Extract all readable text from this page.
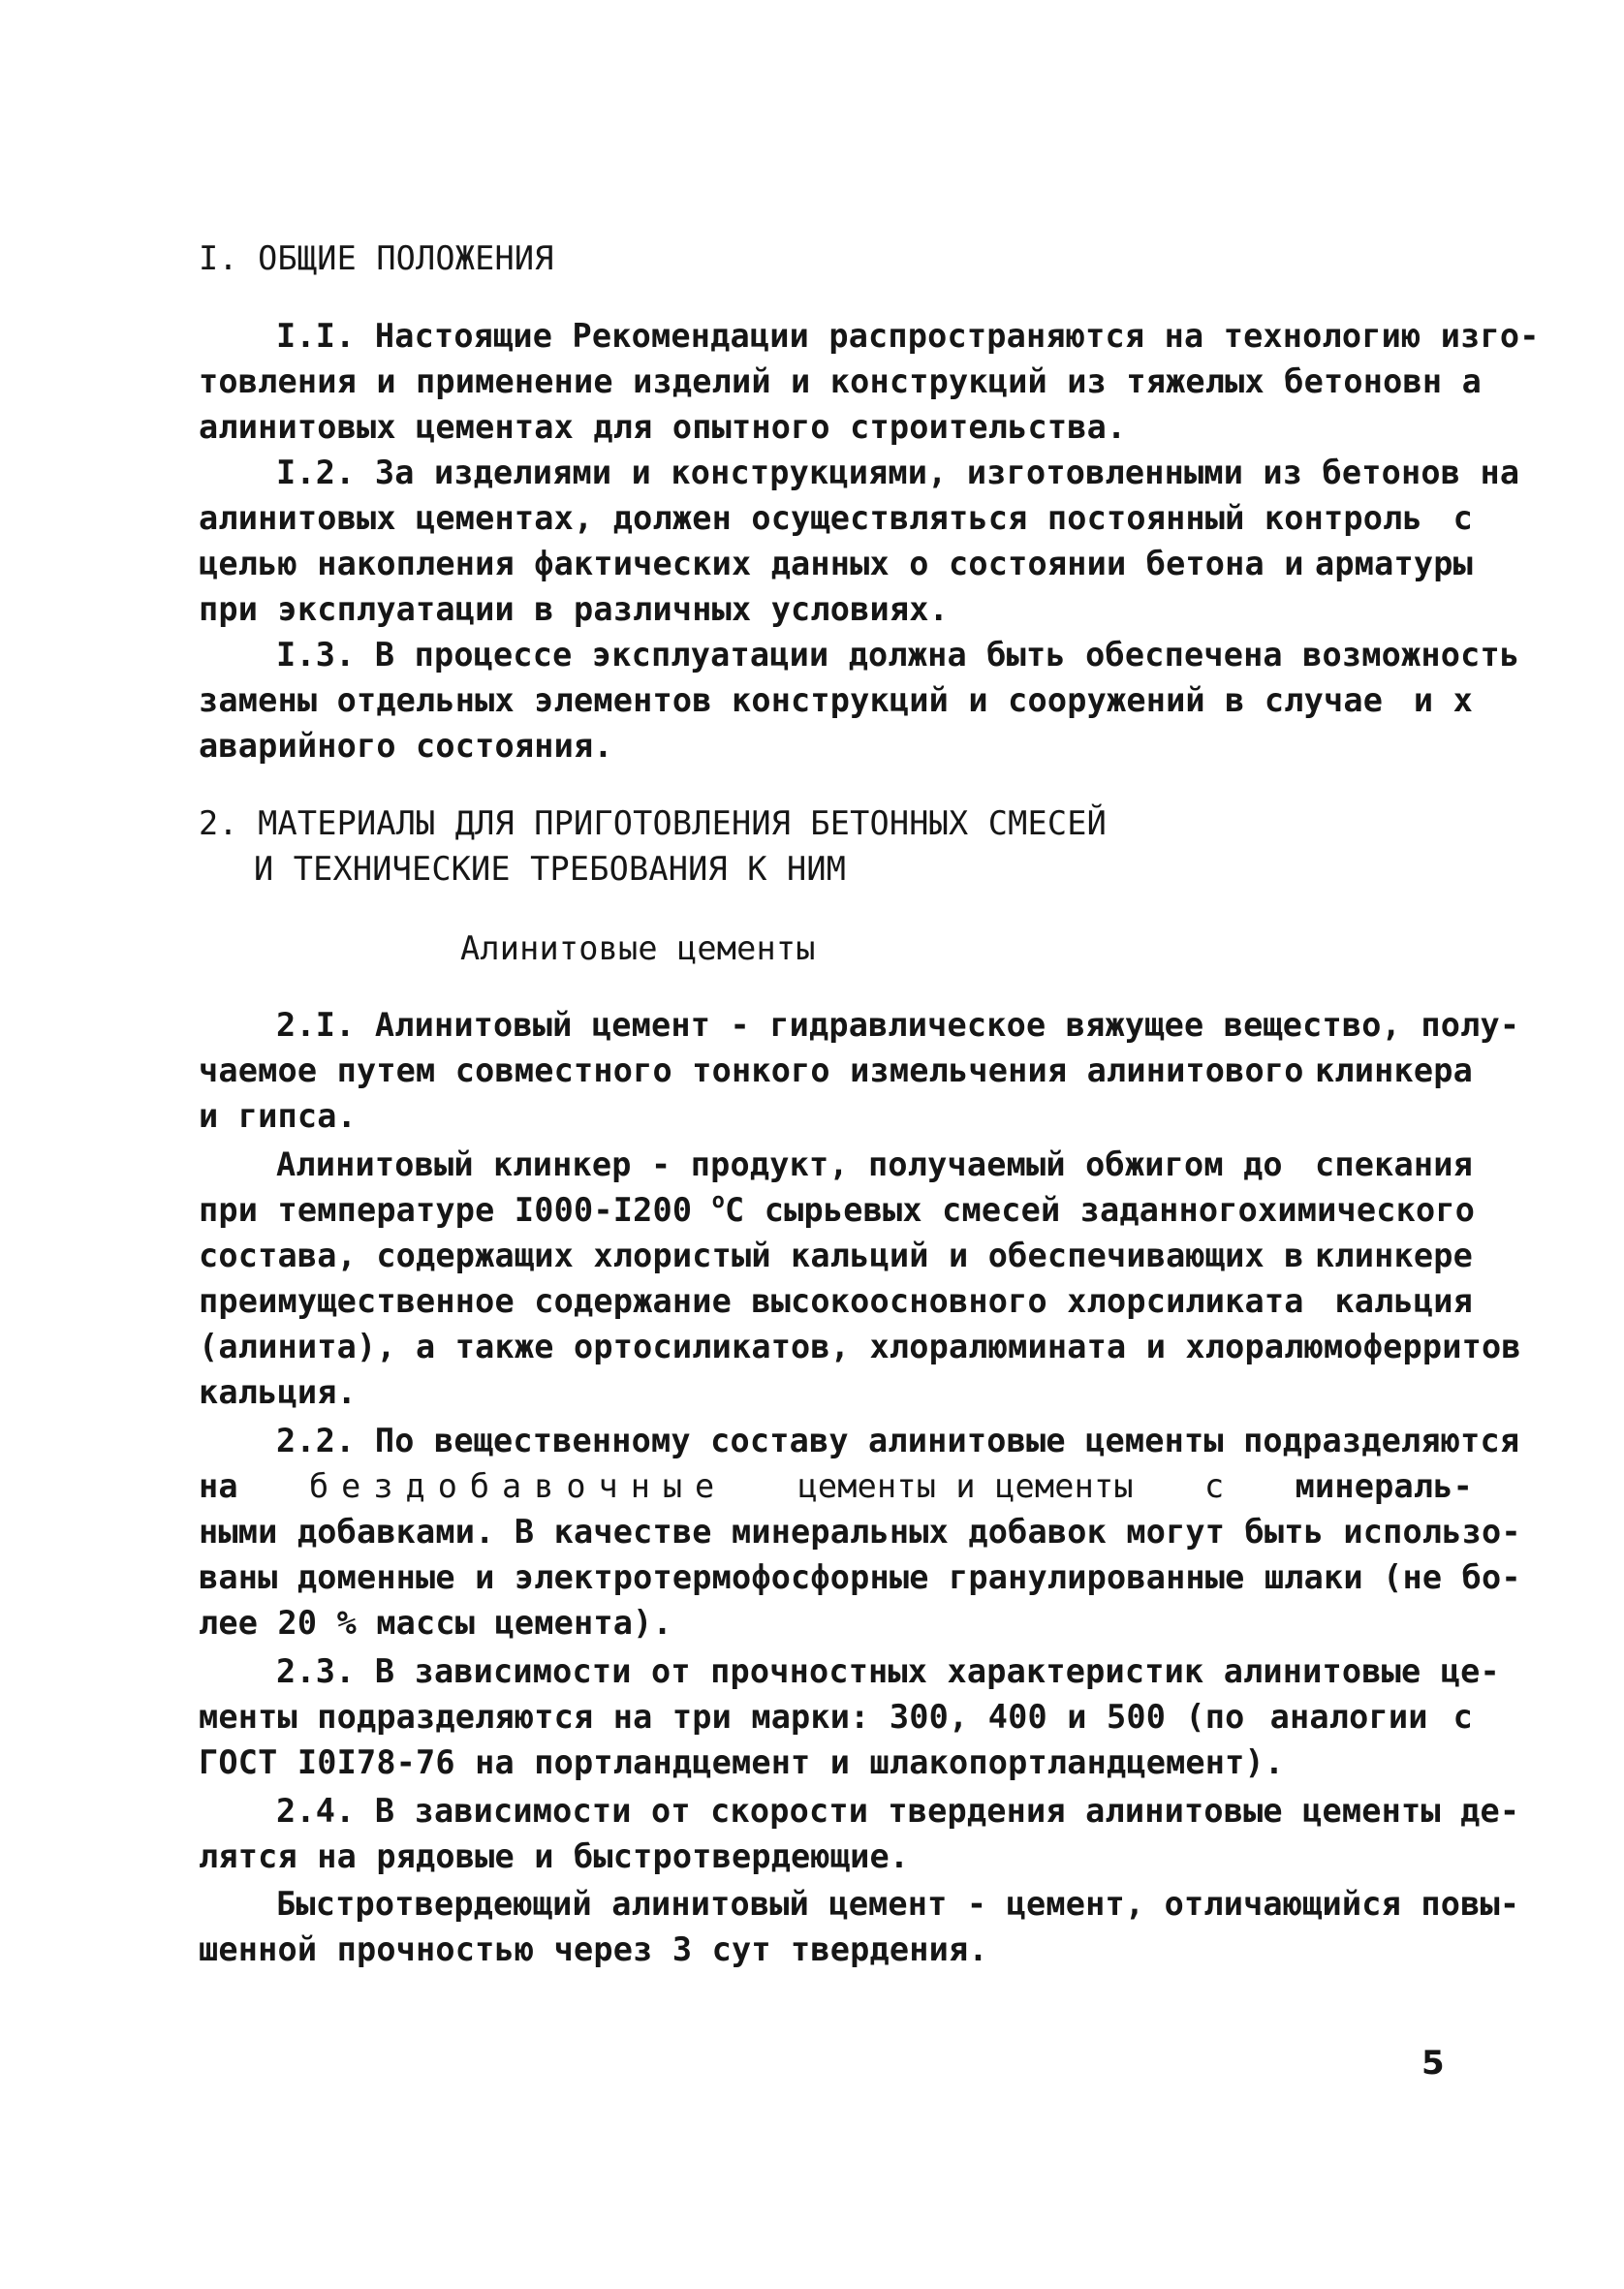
I. ОБЩИЕ ПОЛОЖЕНИЯ
I.I. Настоящие Рекомендации распространяются на технологию изго-
товления и применение изделий и конструкций из тяжелых бетонов н а
алинитовых цементах для опытного строительства.
I.2. За изделиями и конструкциями, изготовленными из бетонов на
алинитовых цементах, должен осуществляться постоянный контроль с
целью накопления фактических данных о состоянии бетона и арматуры
при эксплуатации в различных условиях.
I.3. В процессе эксплуатации должна быть обеспечена возможность
замены отдельных элементов конструкций и сооружений в случае и х
аварийного состояния.
2. МАТЕРИАЛЫ ДЛЯ ПРИГОТОВЛЕНИЯ БЕТОННЫХ СМЕСЕЙ
И ТЕХНИЧЕСКИЕ ТРЕБОВАНИЯ К НИМ
Алинитовые цементы
2.I. Алинитовый цемент - гидравлическое вяжущее вещество, полу-
чаемое путем совместного тонкого измельчения алинитового клинкера
и гипса.
Алинитовый клинкер - продукт, получаемый обжигом до спекания
при температуре I000-I200 $^о$С сырьевых смесей заданного химического
состава, содержащих хлористый кальций и обеспечивающих в клинкере
преимущественное содержание высокоосновного хлорсиликата кальция
(алинита), а также ортосиликатов, хлоралюмината и хлоралюмоферритов
кальция.
2.2. По вещественному составу алинитовые цементы подразделяются
на бездобавочные цементы и цементы с минераль-
ными добавками. В качестве минеральных добавок могут быть использо-
ваны доменные и электротермофосфорные гранулированные шлаки (не бо-
лее 20 % массы цемента).
2.3. В зависимости от прочностных характеристик алинитовые це-
менты подразделяются на три марки: 300, 400 и 500 (по аналогии с
ГОСТ I0I78-76 на портландцемент и шлакопортландцемент).
2.4. В зависимости от скорости твердения алинитовые цементы де-
лятся на рядовые и быстротвердеющие.
Быстротвердеющий алинитовый цемент - цемент, отличающийся повы-
шенной прочностью через 3 сут твердения.
5
